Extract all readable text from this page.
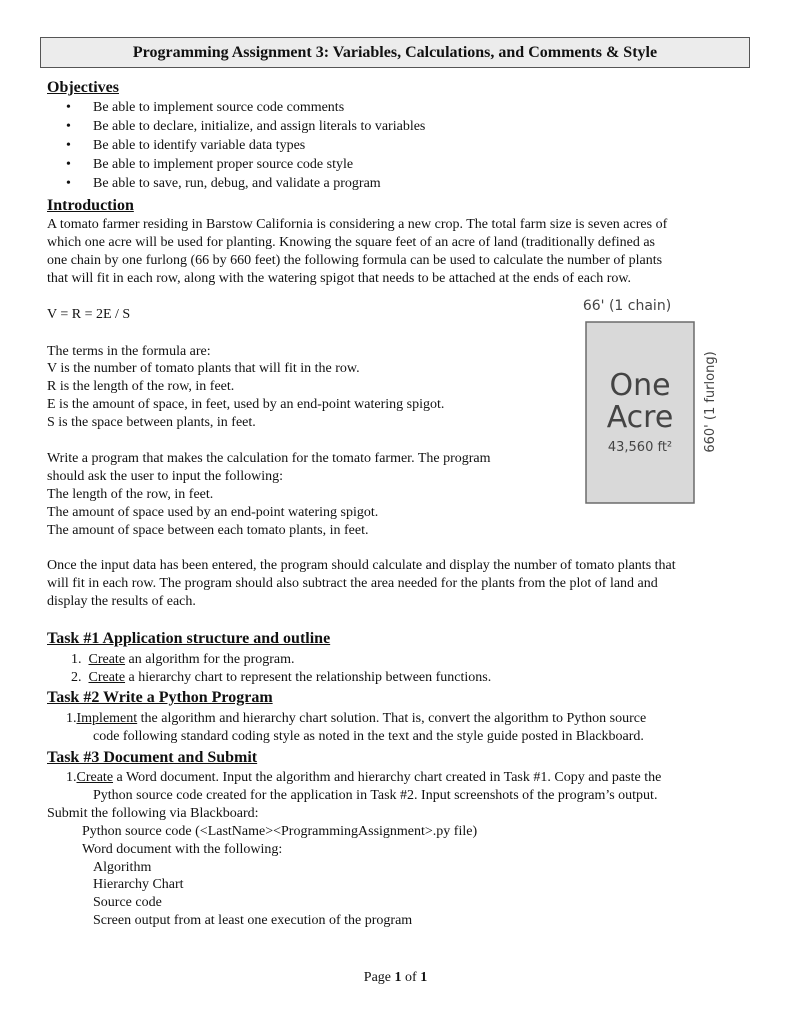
Programming Assignment 3: Variables, Calculations, and Comments & Style
Objectives
• Be able to implement source code comments
• Be able to declare, initialize, and assign literals to variables
• Be able to identify variable data types
• Be able to implement proper source code style
• Be able to save, run, debug, and validate a program
Introduction
A tomato farmer residing in Barstow California is considering a new crop. The total farm size is seven acres of
which one acre will be used for planting. Knowing the square feet of an acre of land (traditionally defined as
one chain by one furlong (66 by 660 feet) the following formula can be used to calculate the number of plants
that will fit in each row, along with the watering spigot that needs to be attached at the ends of each row.
V = R = 2E / S
The terms in the formula are:
V is the number of tomato plants that will fit in the row.
R is the length of the row, in feet.
E is the amount of space, in feet, used by an end-point watering spigot.
S is the space between plants, in feet.
Write a program that makes the calculation for the tomato farmer. The program
should ask the user to input the following:
The length of the row, in feet.
The amount of space used by an end-point watering spigot.
The amount of space between each tomato plants, in feet.
Once the input data has been entered, the program should calculate and display the number of tomato plants that
will fit in each row. The program should also subtract the area needed for the plants from the plot of land and
display the results of each.
66' (1 chain)
One
Acre
43,560 ft² 660' (1 furlong)
Task #1 Application structure and outline
1. Create an algorithm for the program.
2. Create a hierarchy chart to represent the relationship between functions.
Task #2 Write a Python Program
1.Implement the algorithm and hierarchy chart solution. That is, convert the algorithm to Python source
code following standard coding style as noted in the text and the style guide posted in Blackboard.
Task #3 Document and Submit
1.Create a Word document. Input the algorithm and hierarchy chart created in Task #1. Copy and paste the
Python source code created for the application in Task #2. Input screenshots of the program’s output.
Submit the following via Blackboard:
Python source code (<LastName><ProgrammingAssignment>.py file)
Word document with the following:
Algorithm
Hierarchy Chart
Source code
Screen output from at least one execution of the program
Page 1 of 1
